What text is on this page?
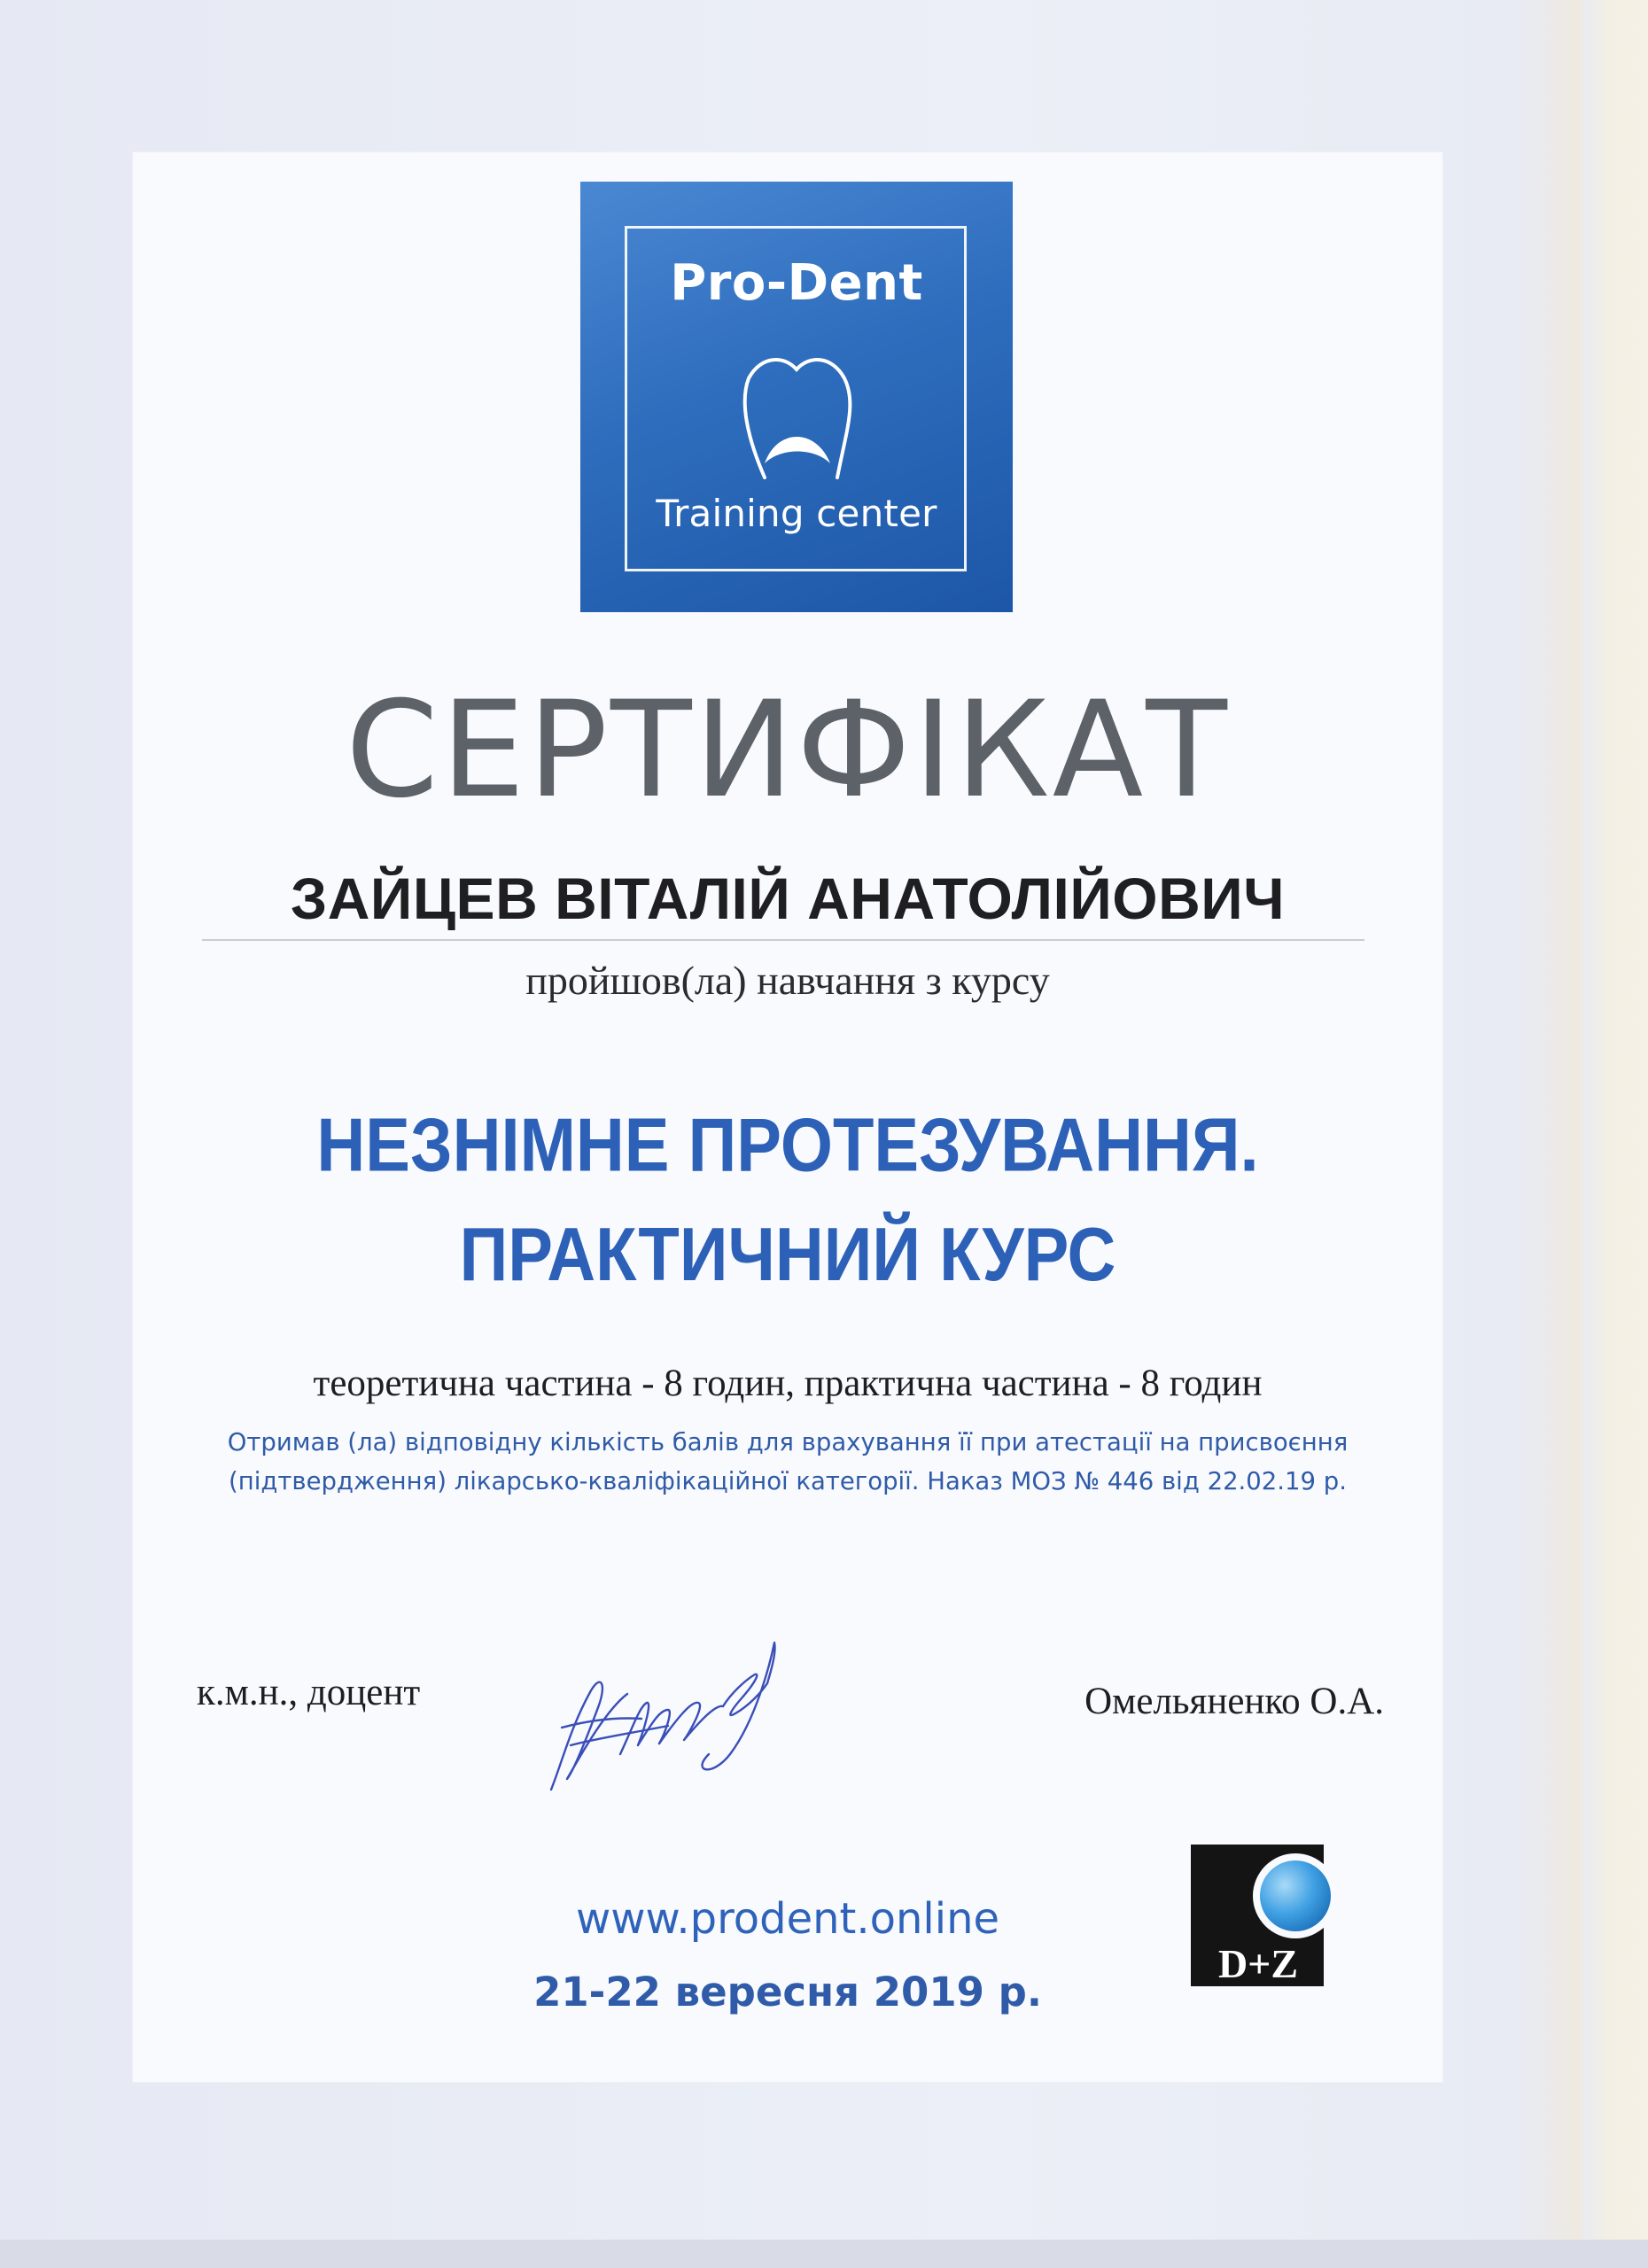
Pro-Dent
Training center
СЕРТИФІКАТ
ЗАЙЦЕВ ВІТАЛІЙ АНАТОЛІЙОВИЧ
пройшов(ла) навчання з курсу
НЕЗНІМНЕ ПРОТЕЗУВАННЯ.
ПРАКТИЧНИЙ КУРС
теоретична частина - 8 годин, практична частина - 8 годин
Отримав (ла) відповідну кількість балів для врахування її при атестації на присвоєння
(підтвердження) лікарсько-кваліфікаційної категорії. Наказ МОЗ № 446 від 22.02.19 р.
к.м.н., доцент	Омельяненко О.А.
www.prodent.online
21-22 вересня 2019 р.
D+Z
